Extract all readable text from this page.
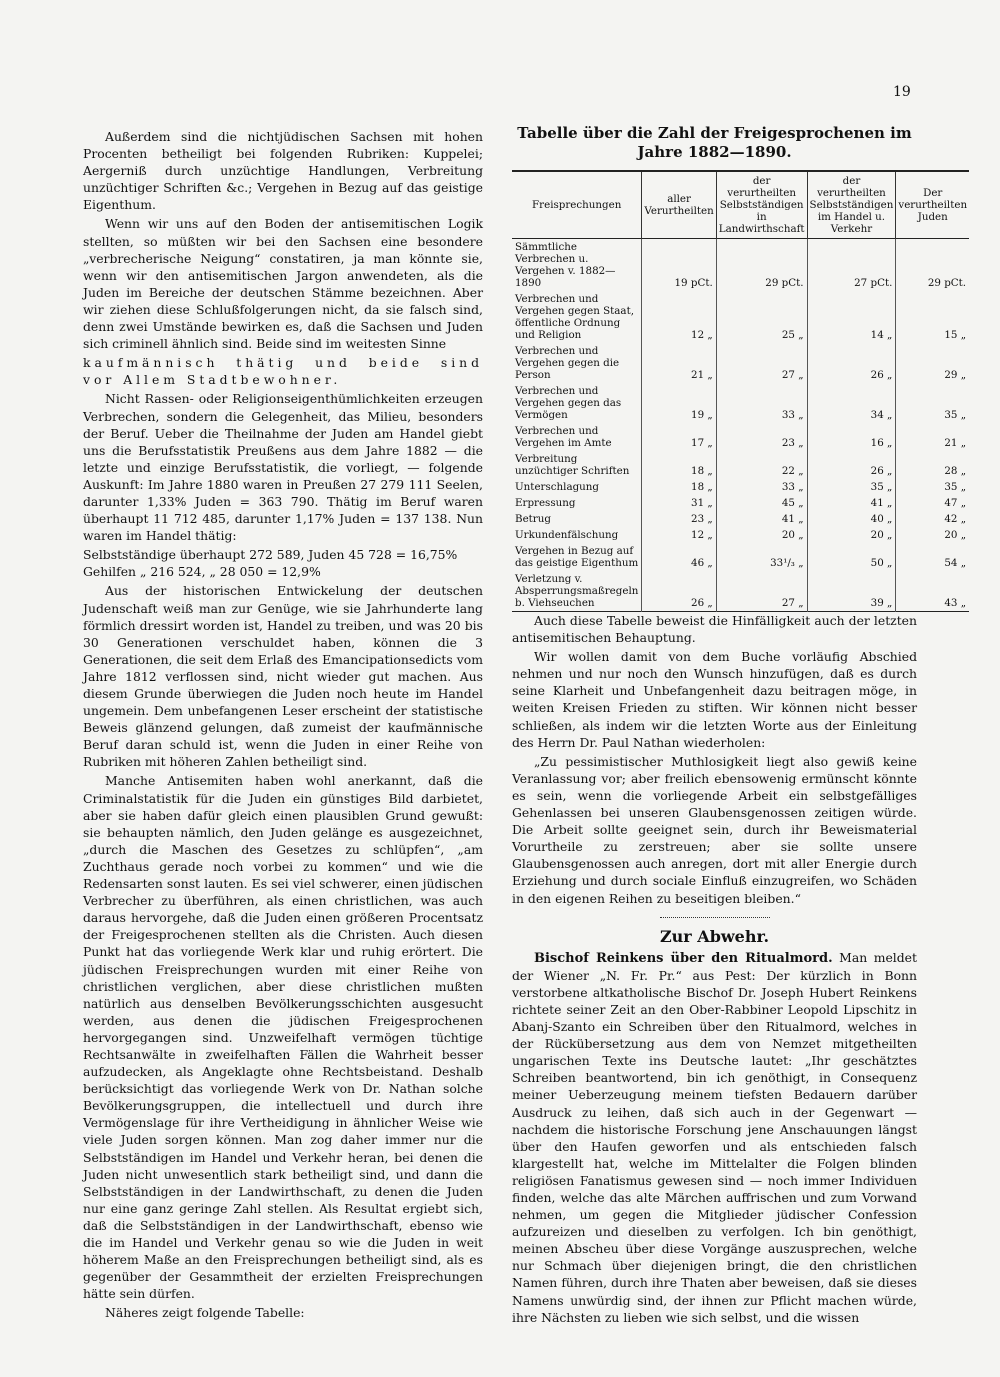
19

Außerdem sind die nichtjüdischen Sachsen mit hohen Procenten betheiligt bei folgenden Rubriken: Kuppelei; Aergerniß durch unzüchtige Handlungen, Verbreitung unzüchtiger Schriften &c.; Vergehen in Bezug auf das geistige Eigenthum.

Wenn wir uns auf den Boden der antisemitischen Logik stellten, so müßten wir bei den Sachsen eine besondere „verbrecherische Neigung“ constatiren, ja man könnte sie, wenn wir den antisemitischen Jargon anwendeten, als die Juden im Bereiche der deutschen Stämme bezeichnen. Aber wir ziehen diese Schlußfolgerungen nicht, da sie falsch sind, denn zwei Umstände bewirken es, daß die Sachsen und Juden sich criminell ähnlich sind. Beide sind im weitesten Sinne

kaufmännisch thätig und beide sind vor Allem Stadtbewohner.

Nicht Rassen- oder Religionseigenthümlichkeiten erzeugen Verbrechen, sondern die Gelegenheit, das Milieu, besonders der Beruf. Ueber die Theilnahme der Juden am Handel giebt uns die Berufsstatistik Preußens aus dem Jahre 1882 — die letzte und einzige Berufsstatistik, die vorliegt, — folgende Auskunft: Im Jahre 1880 waren in Preußen 27 279 111 Seelen, darunter 1,33% Juden = 363 790. Thätig im Beruf waren überhaupt 11 712 485, darunter 1,17% Juden = 137 138. Nun waren im Handel thätig:

Selbstständige überhaupt 272 589, Juden 45 728 = 16,75%

Gehilfen „ 216 524, „ 28 050 = 12,9%

Aus der historischen Entwickelung der deutschen Judenschaft weiß man zur Genüge, wie sie Jahrhunderte lang förmlich dressirt worden ist, Handel zu treiben, und was 20 bis 30 Generationen verschuldet haben, können die 3 Generationen, die seit dem Erlaß des Emancipationsedicts vom Jahre 1812 verflossen sind, nicht wieder gut machen. Aus diesem Grunde überwiegen die Juden noch heute im Handel ungemein. Dem unbefangenen Leser erscheint der statistische Beweis glänzend gelungen, daß zumeist der kaufmännische Beruf daran schuld ist, wenn die Juden in einer Reihe von Rubriken mit höheren Zahlen betheiligt sind.

Manche Antisemiten haben wohl anerkannt, daß die Criminalstatistik für die Juden ein günstiges Bild darbietet, aber sie haben dafür gleich einen plausiblen Grund gewußt: sie behaupten nämlich, den Juden gelänge es ausgezeichnet, „durch die Maschen des Gesetzes zu schlüpfen“, „am Zuchthaus gerade noch vorbei zu kommen“ und wie die Redensarten sonst lauten. Es sei viel schwerer, einen jüdischen Verbrecher zu überführen, als einen christlichen, was auch daraus hervorgehe, daß die Juden einen größeren Procentsatz der Freigesprochenen stellten als die Christen. Auch diesen Punkt hat das vorliegende Werk klar und ruhig erörtert. Die jüdischen Freisprechungen wurden mit einer Reihe von christlichen verglichen, aber diese christlichen mußten natürlich aus denselben Bevölkerungsschichten ausgesucht werden, aus denen die jüdischen Freigesprochenen hervorgegangen sind. Unzweifelhaft vermögen tüchtige Rechtsanwälte in zweifelhaften Fällen die Wahrheit besser aufzudecken, als Angeklagte ohne Rechtsbeistand. Deshalb berücksichtigt das vorliegende Werk von Dr. Nathan solche Bevölkerungsgruppen, die intellectuell und durch ihre Vermögenslage für ihre Vertheidigung in ähnlicher Weise wie viele Juden sorgen können. Man zog daher immer nur die Selbstständigen im Handel und Verkehr heran, bei denen die Juden nicht unwesentlich stark betheiligt sind, und dann die Selbstständigen in der Landwirthschaft, zu denen die Juden nur eine ganz geringe Zahl stellen. Als Resultat ergiebt sich, daß die Selbstständigen in der Landwirthschaft, ebenso wie die im Handel und Verkehr genau so wie die Juden in weit höherem Maße an den Freisprechungen betheiligt sind, als es gegenüber der Gesammtheit der erzielten Freisprechungen hätte sein dürfen.

Näheres zeigt folgende Tabelle:

Tabelle über die Zahl der Freigesprochenen im Jahre 1882—1890.
Freisprechungen	aller Verurtheilten	der verurtheilten Selbstständigen in Landwirthschaft	der verurtheilten Selbstständigen im Handel u. Verkehr	Der verurtheilten Juden
Sämmtliche Verbrechen u. Vergehen v. 1882—1890	19 pCt.	29 pCt.	27 pCt.	29 pCt.
Verbrechen und Vergehen gegen Staat, öffentliche Ordnung und Religion	12 „	25 „	14 „	15 „
Verbrechen und Vergehen gegen die Person	21 „	27 „	26 „	29 „
Verbrechen und Vergehen gegen das Vermögen	19 „	33 „	34 „	35 „
Verbrechen und Vergehen im Amte	17 „	23 „	16 „	21 „
Verbreitung unzüchtiger Schriften	18 „	22 „	26 „	28 „
Unterschlagung	18 „	33 „	35 „	35 „
Erpressung	31 „	45 „	41 „	47 „
Betrug	23 „	41 „	40 „	42 „
Urkundenfälschung	12 „	20 „	20 „	20 „
Vergehen in Bezug auf das geistige Eigenthum	46 „	33¹/₃ „	50 „	54 „
Verletzung v. Absperrungsmaßregeln b. Viehseuchen	26 „	27 „	39 „	43 „

Auch diese Tabelle beweist die Hinfälligkeit auch der letzten antisemitischen Behauptung.

Wir wollen damit von dem Buche vorläufig Abschied nehmen und nur noch den Wunsch hinzufügen, daß es durch seine Klarheit und Unbefangenheit dazu beitragen möge, in weiten Kreisen Frieden zu stiften. Wir können nicht besser schließen, als indem wir die letzten Worte aus der Einleitung des Herrn Dr. Paul Nathan wiederholen:

„Zu pessimistischer Muthlosigkeit liegt also gewiß keine Veranlassung vor; aber freilich ebensowenig ermünscht könnte es sein, wenn die vorliegende Arbeit ein selbstgefälliges Gehenlassen bei unseren Glaubensgenossen zeitigen würde. Die Arbeit sollte geeignet sein, durch ihr Beweismaterial Vorurtheile zu zerstreuen; aber sie sollte unsere Glaubensgenossen auch anregen, dort mit aller Energie durch Erziehung und durch sociale Einfluß einzugreifen, wo Schäden in den eigenen Reihen zu beseitigen bleiben.“

Zur Abwehr.

Bischof Reinkens über den Ritualmord. Man meldet der Wiener „N. Fr. Pr.“ aus Pest: Der kürzlich in Bonn verstorbene altkatholische Bischof Dr. Joseph Hubert Reinkens richtete seiner Zeit an den Ober-Rabbiner Leopold Lipschitz in Abanj-Szanto ein Schreiben über den Ritualmord, welches in der Rückübersetzung aus dem von Nemzet mitgetheilten ungarischen Texte ins Deutsche lautet: „Ihr geschätztes Schreiben beantwortend, bin ich genöthigt, in Consequenz meiner Ueberzeugung meinem tiefsten Bedauern darüber Ausdruck zu leihen, daß sich auch in der Gegenwart — nachdem die historische Forschung jene Anschauungen längst über den Haufen geworfen und als entschieden falsch klargestellt hat, welche im Mittelalter die Folgen blinden religiösen Fanatismus gewesen sind — noch immer Individuen finden, welche das alte Märchen auffrischen und zum Vorwand nehmen, um gegen die Mitglieder jüdischer Confession aufzureizen und dieselben zu verfolgen. Ich bin genöthigt, meinen Abscheu über diese Vorgänge auszusprechen, welche nur Schmach über diejenigen bringt, die den christlichen Namen führen, durch ihre Thaten aber beweisen, daß sie dieses Namens unwürdig sind, der ihnen zur Pflicht machen würde, ihre Nächsten zu lieben wie sich selbst, und die wissen
